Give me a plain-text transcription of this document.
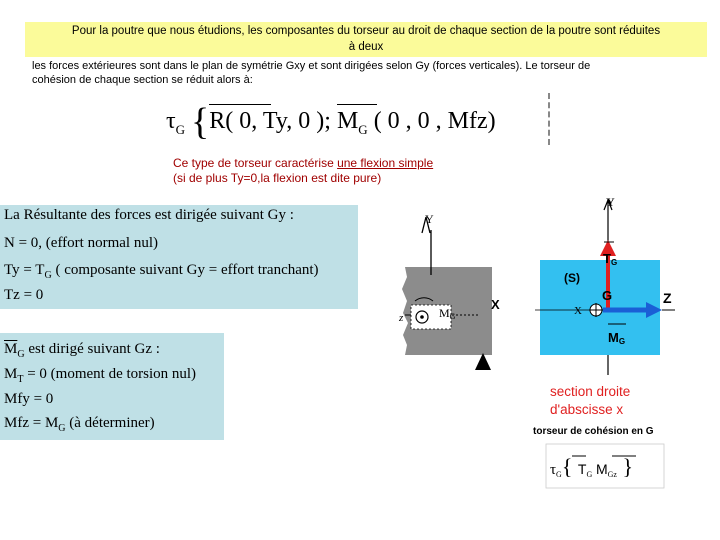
Pour la poutre que nous étudions, les composantes du torseur au droit de chaque section de la poutre sont réduites
à deux
les forces extérieures sont dans le plan de symétrie Gxy et sont dirigées selon Gy (forces verticales). Le torseur de
cohésion de chaque section se réduit alors à:
$\tau_G$ {
R( 0, Ty, 0 ); $M_G$ ( 0 , 0 , Mfz)
Ce type de torseur caractérise une flexion simple
(si de plus Ty=0,la flexion est dite pure)
La Résultante des forces est dirigée suivant Gy :
N = 0, (effort normal nul)
$Ty = T_G$ ( composante suivant Gy = effort tranchant)
Tz = 0
$\overline{M}_G$ est dirigé suivant Gz :
$M_T = 0$ (moment de torsion nul)
Mfy = 0
Mfz = $M_G$ (à déterminer)
Y
X
z	MG
Y
TG
(S)
G	Z
X
MG
section droite
d'abscisse x
torseur de cohésion en G
$\tau_G${ $T_G$ $M_{Gz}$ }
